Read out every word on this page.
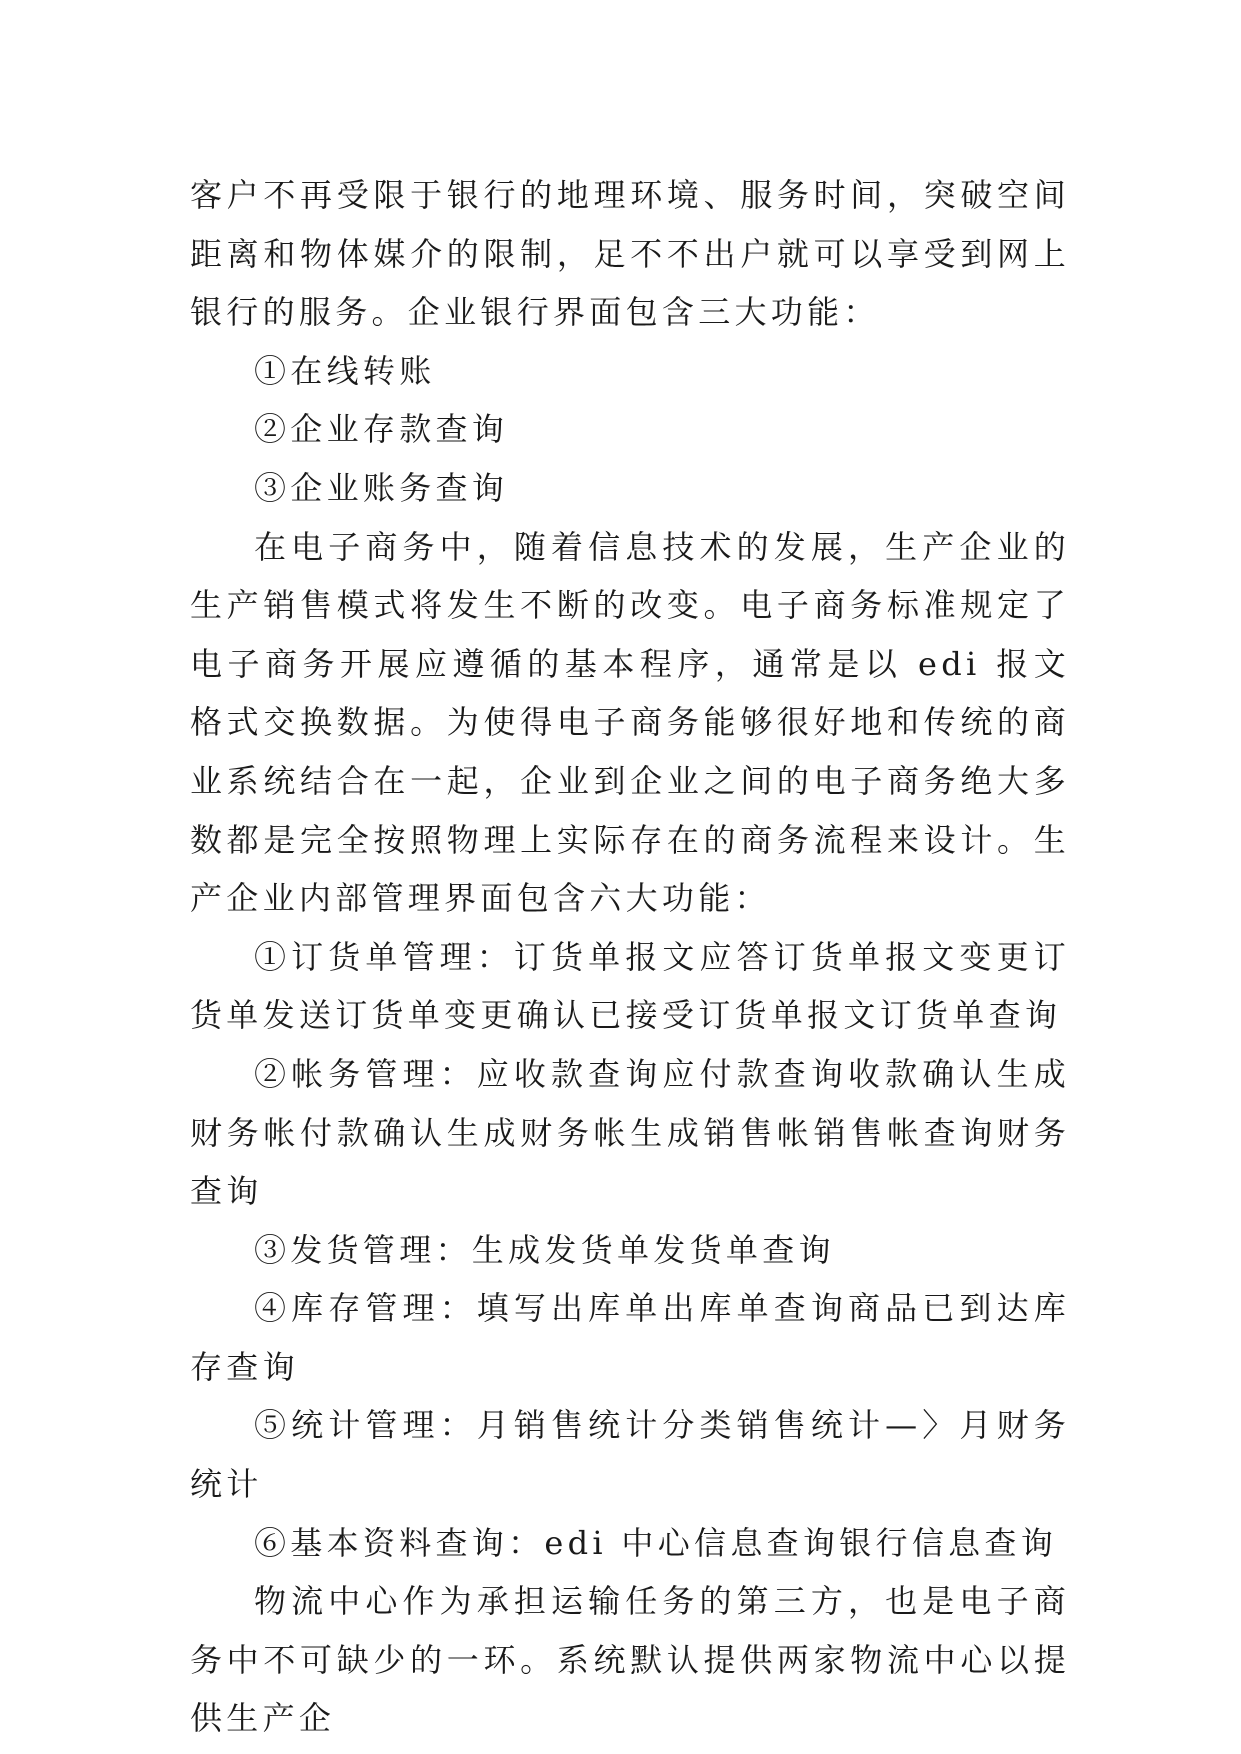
客户不再受限于银行的地理环境、服务时间，突破空间距离和物体媒介的限制，足不不出户就可以享受到网上银行的服务。企业银行界面包含三大功能：

①在线转账

②企业存款查询

③企业账务查询

在电子商务中，随着信息技术的发展，生产企业的生产销售模式将发生不断的改变。电子商务标准规定了电子商务开展应遵循的基本程序，通常是以 edi 报文格式交换数据。为使得电子商务能够很好地和传统的商业系统结合在一起，企业到企业之间的电子商务绝大多数都是完全按照物理上实际存在的商务流程来设计。生产企业内部管理界面包含六大功能：

①订货单管理：订货单报文应答订货单报文变更订货单发送订货单变更确认已接受订货单报文订货单查询

②帐务管理：应收款查询应付款查询收款确认生成财务帐付款确认生成财务帐生成销售帐销售帐查询财务查询

③发货管理：生成发货单发货单查询

④库存管理：填写出库单出库单查询商品已到达库存查询

⑤统计管理：月销售统计分类销售统计—〉月财务统计

⑥基本资料查询：edi 中心信息查询银行信息查询

物流中心作为承担运输任务的第三方，也是电子商务中不可缺少的一环。系统默认提供两家物流中心以提供生产企
